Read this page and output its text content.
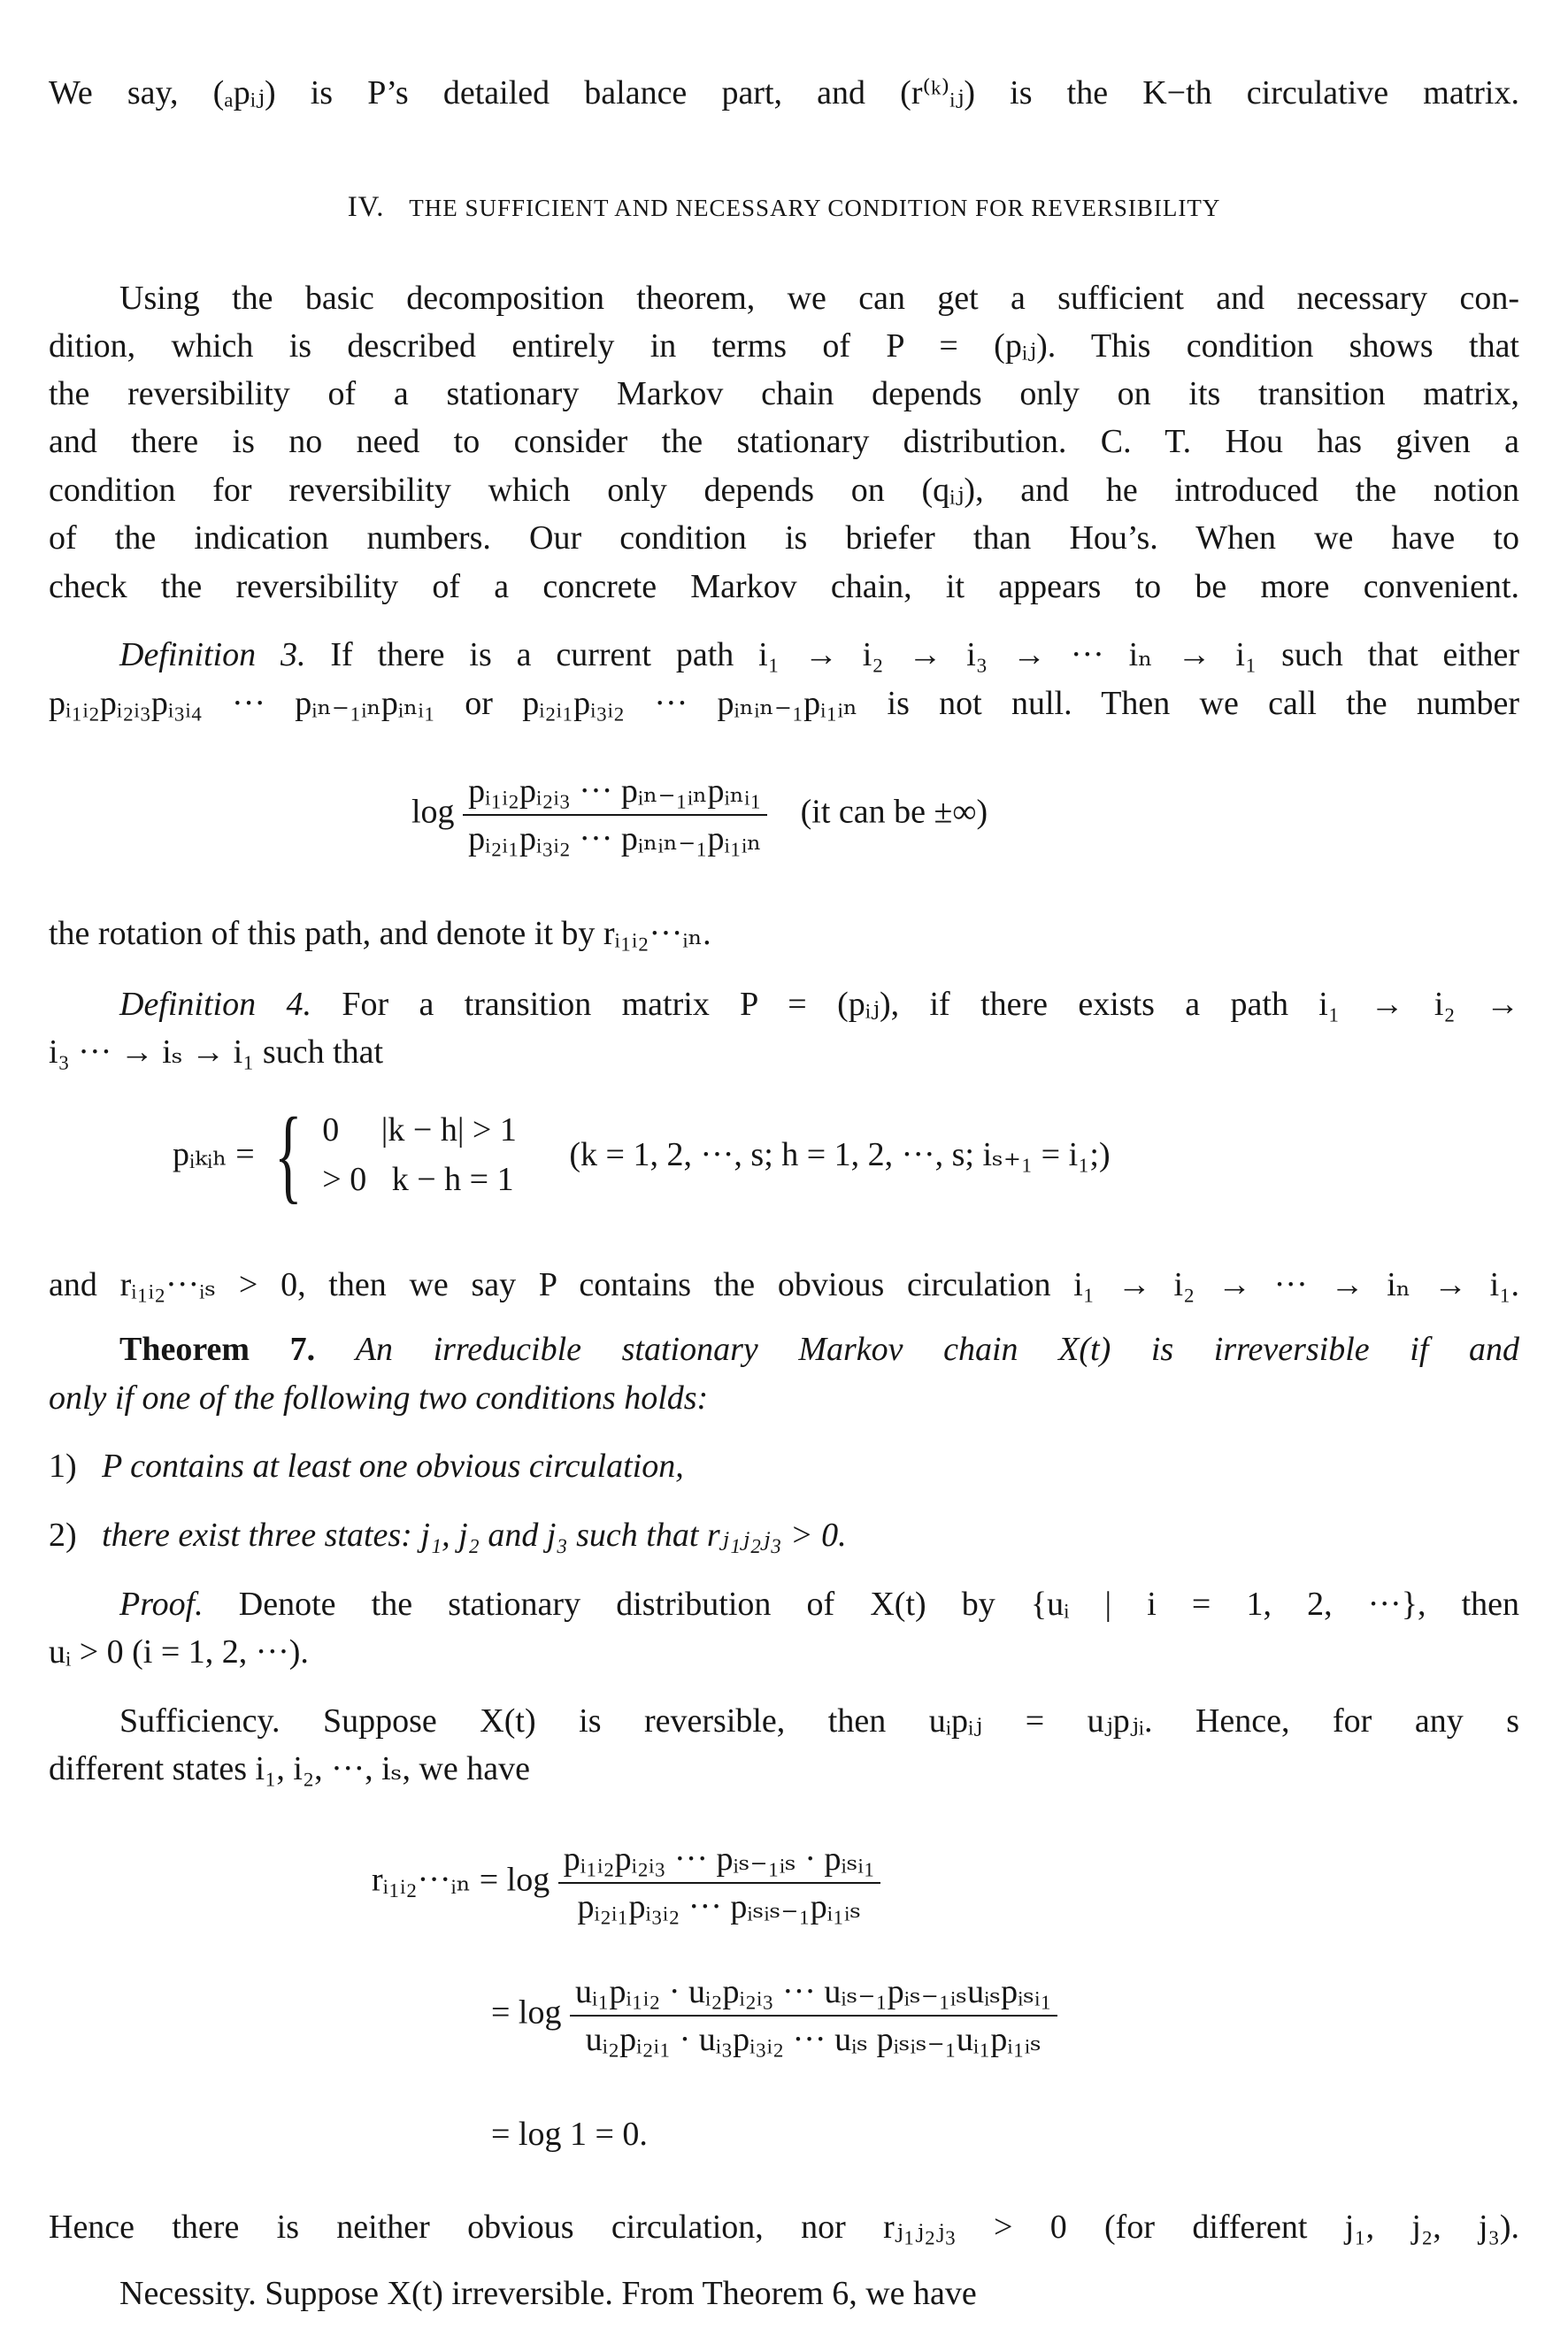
We say, (ₐpᵢⱼ) is P’s detailed balance part, and (r⁽ᵏ⁾ᵢⱼ) is the K−th circulative matrix.
IV. THE SUFFICIENT AND NECESSARY CONDITION FOR REVERSIBILITY
Using the basic decomposition theorem, we can get a sufficient and necessary con-
dition, which is described entirely in terms of P = (pᵢⱼ). This condition shows that
the reversibility of a stationary Markov chain depends only on its transition matrix,
and there is no need to consider the stationary distribution. C. T. Hou has given a
condition for reversibility which only depends on (qᵢⱼ), and he introduced the notion
of the indication numbers. Our condition is briefer than Hou’s. When we have to
check the reversibility of a concrete Markov chain, it appears to be more convenient.
Definition 3. If there is a current path i₁ → i₂ → i₃ → ··· iₙ → i₁ such that either
pᵢ₁ᵢ₂pᵢ₂ᵢ₃pᵢ₃ᵢ₄ ··· pᵢₙ₋₁ᵢₙpᵢₙᵢ₁ or pᵢ₂ᵢ₁pᵢ₃ᵢ₂ ··· pᵢₙᵢₙ₋₁pᵢ₁ᵢₙ is not null. Then we call the number
$\log \frac{\text{pᵢ₁ᵢ₂pᵢ₂ᵢ₃ ··· pᵢₙ₋₁ᵢₙpᵢₙᵢ₁}}{\text{pᵢ₂ᵢ₁pᵢ₃ᵢ₂ ··· pᵢₙᵢₙ₋₁pᵢ₁ᵢₙ}} (it$ can be ±∞)
the rotation of this path, and denote it by rᵢ₁ᵢ₂···ᵢₙ.
Definition 4. For a transition matrix P = (pᵢⱼ), if there exists a path i₁ → i₂ →
i₃ ··· → iₛ → i₁ such that
pᵢₖᵢₕ = { 0     |k − h| > 1
> 0   k − h = 1
(k = 1, 2, ···, s; h = 1, 2, ···, s; iₛ₊₁ = i₁;)
and rᵢ₁ᵢ₂···ᵢₛ > 0, then we say P contains the obvious circulation i₁ → i₂ → ··· → iₙ → i₁.
Theorem 7. An irreducible stationary Markov chain X(t) is irreversible if and
only if one of the following two conditions holds:
1) P contains at least one obvious circulation,
2) there exist three states: j₁, j₂ and j₃ such that rⱼ₁ⱼ₂ⱼ₃ > 0.
Proof. Denote the stationary distribution of X(t) by {uᵢ | i = 1, 2, ···}, then
uᵢ > 0 (i = 1, 2, ···).
Sufficiency. Suppose X(t) is reversible, then uᵢpᵢⱼ = uⱼpⱼᵢ. Hence, for any s
different states i₁, i₂, ···, iₛ, we have
rᵢ₁ᵢ₂···ᵢₙ = $\log \frac{\text{pᵢ₁ᵢ₂pᵢ₂ᵢ₃ ··· pᵢₛ₋₁ᵢₛ · pᵢₛᵢ₁}}{\text{pᵢ₂ᵢ₁pᵢ₃ᵢ₂ ··· pᵢₛᵢₛ₋₁pᵢ₁ᵢₛ}}$
= $\log \frac{\text{uᵢ₁pᵢ₁ᵢ₂ · uᵢ₂pᵢ₂ᵢ₃ ··· uᵢₛ₋₁pᵢₛ₋₁ᵢₛuᵢₛpᵢₛᵢ₁}}{\text{uᵢ₂pᵢ₂ᵢ₁ · uᵢ₃pᵢ₃ᵢ₂ ··· uᵢₛ pᵢₛᵢₛ₋₁uᵢ₁pᵢ₁ᵢₛ}}$
= log 1 = 0.
Hence there is neither obvious circulation, nor rⱼ₁ⱼ₂ⱼ₃ > 0 (for different j₁, j₂, j₃).
Necessity. Suppose X(t) irreversible. From Theorem 6, we have
